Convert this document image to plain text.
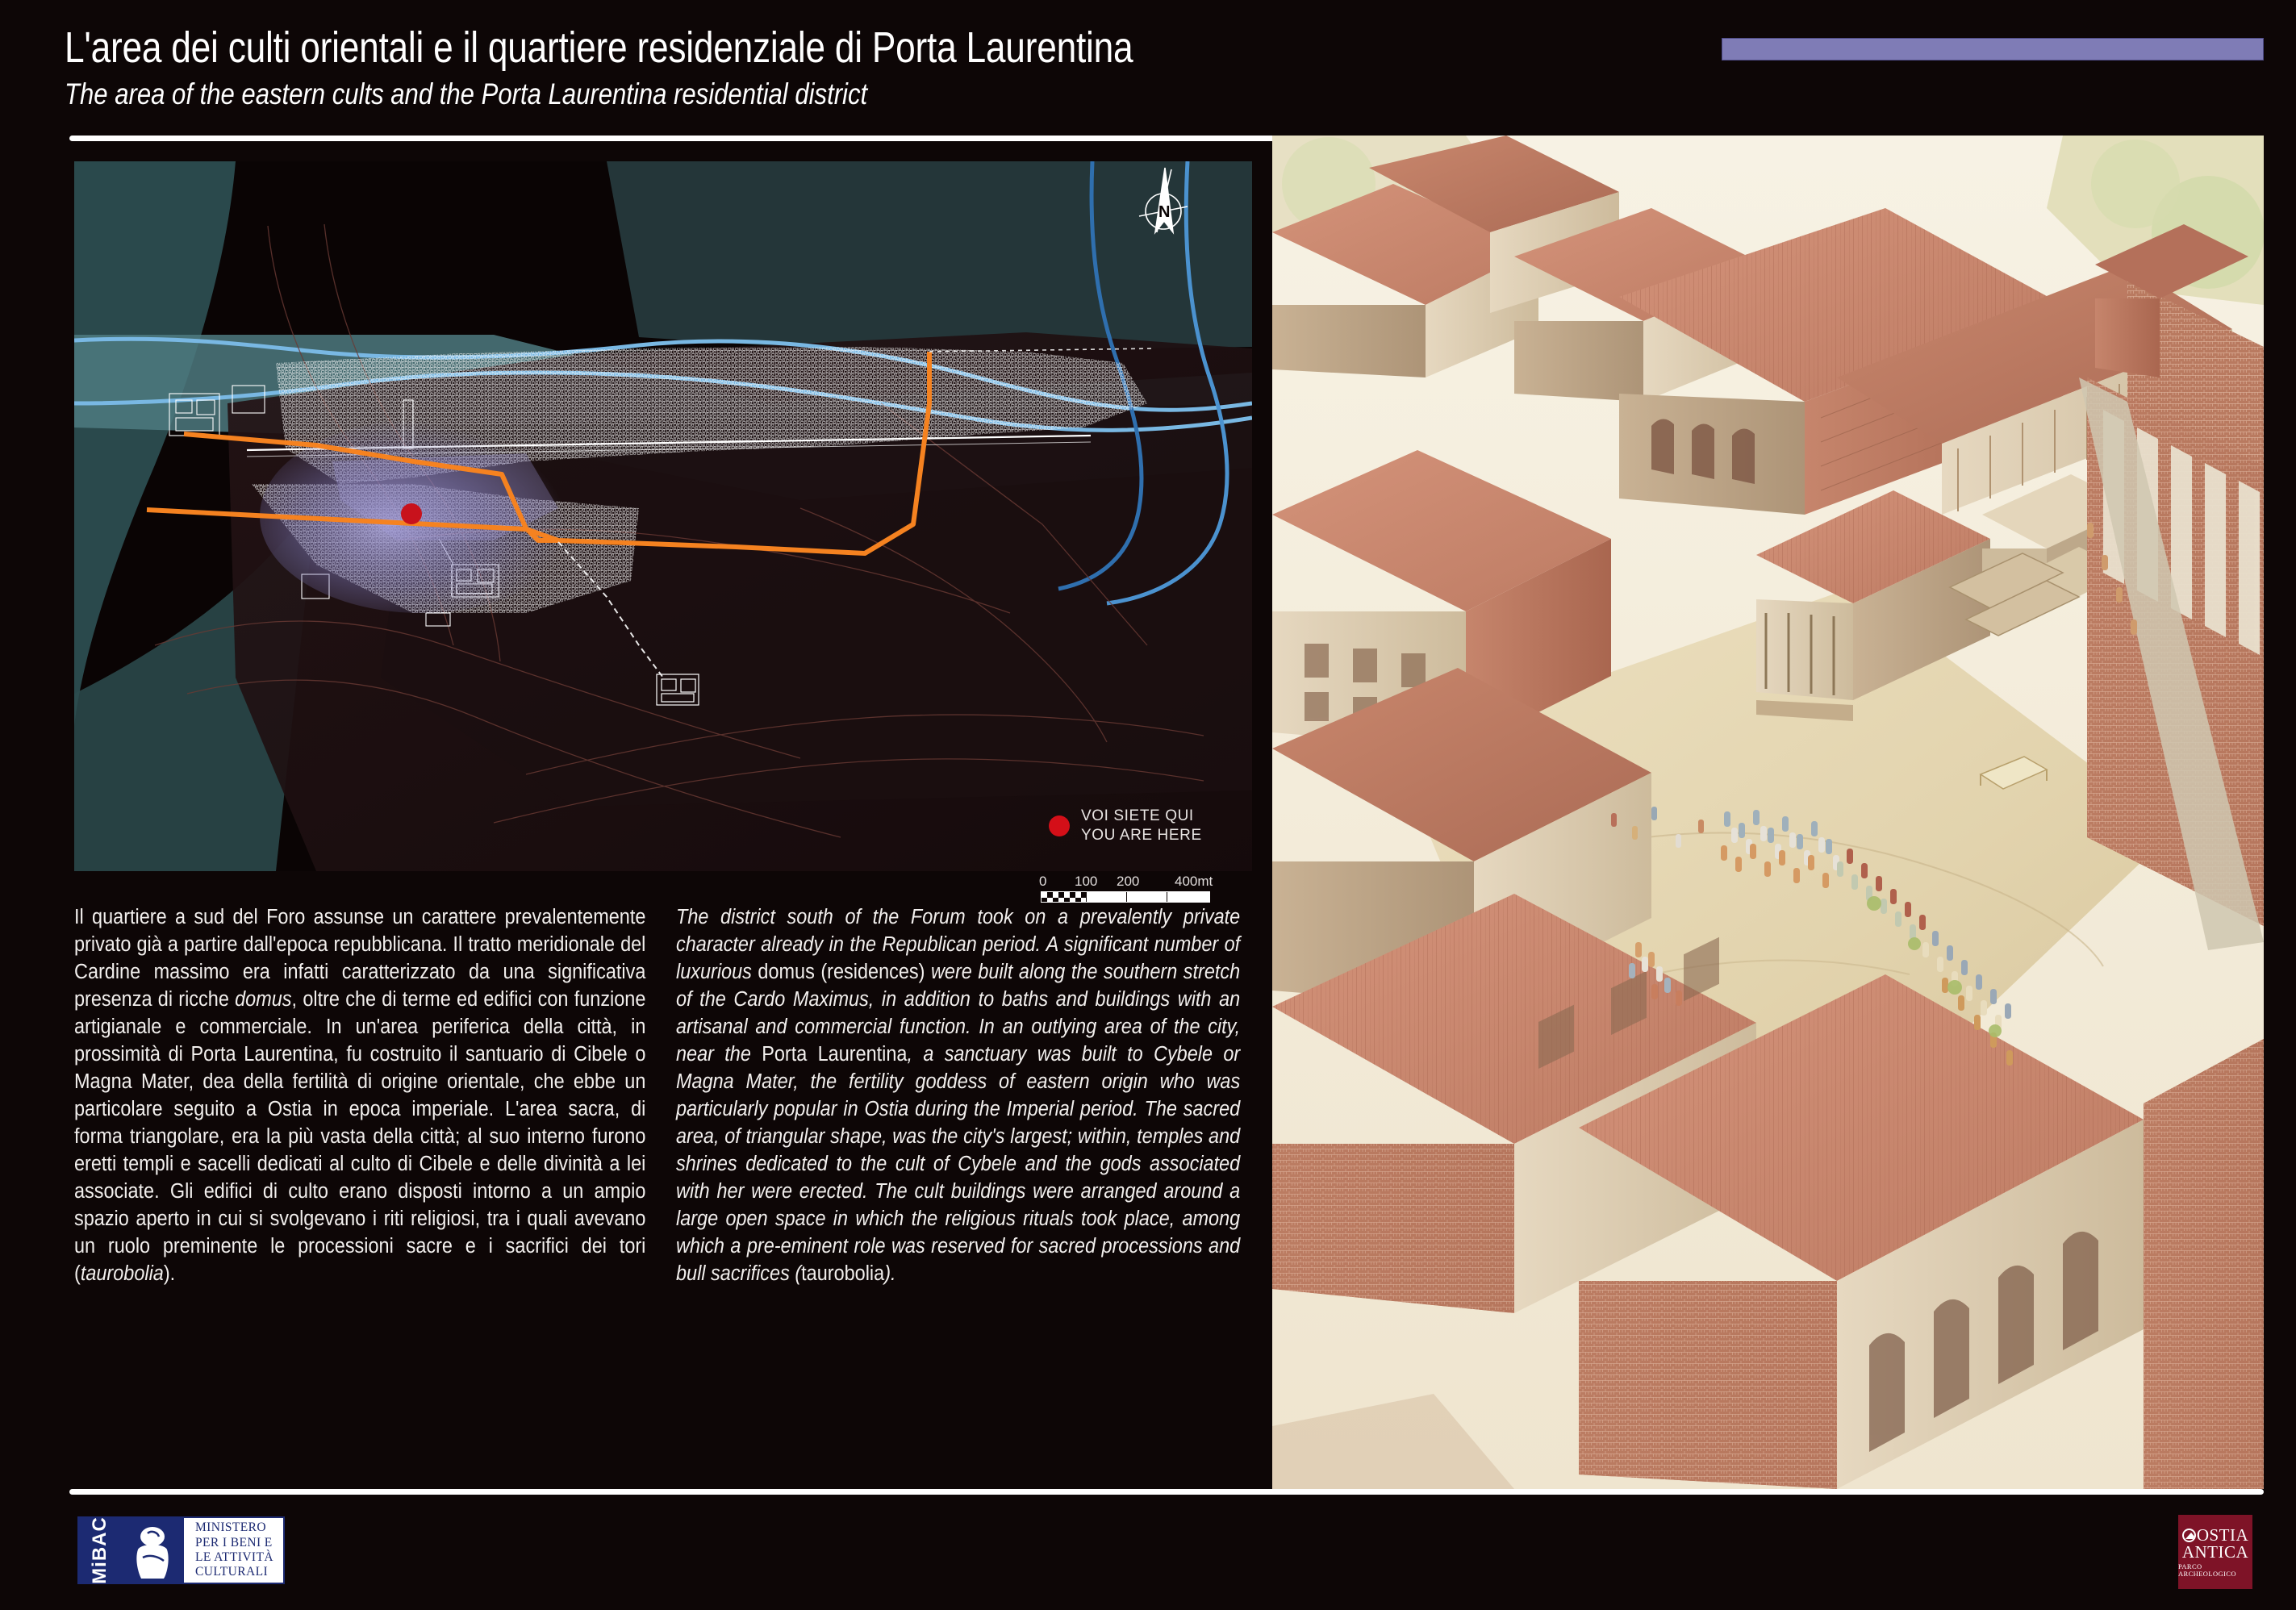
L'area dei culti orientali e il quartiere residenziale di Porta Laurentina
The area of the eastern cults and the Porta Laurentina residential district
N
VOI SIETE QUI
YOU ARE HERE
0 100 200	400mt
Il quartiere a sud del Foro assunse un carattere prevalentemente privato già a partire dall'epoca repubblicana. Il tratto meridionale del Cardine massimo era infatti caratterizzato da una significativa presenza di ricche domus, oltre che di terme ed edifici con funzione artigianale e commerciale. In un'area periferica della città, in prossimità di Porta Laurentina, fu costruito il santuario di Cibele o Magna Mater, dea della fertilità di origine orientale, che ebbe un particolare seguito a Ostia in epoca imperiale. L'area sacra, di forma triangolare, era la più vasta della città; al suo interno furono eretti templi e sacelli dedicati al culto di Cibele e delle divinità a lei associate. Gli edifici di culto erano disposti intorno a un ampio spazio aperto in cui si svolgevano i riti religiosi, tra i quali avevano un ruolo preminente le processioni sacre e i sacrifici dei tori (taurobolia).
The district south of the Forum took on a prevalently private character already in the Republican period. A significant number of luxurious domus (residences) were built along the southern stretch of the Cardo Maximus, in addition to baths and buildings with an artisanal and commercial function. In an outlying area of the city, near the Porta Laurentina, a sanctuary was built to Cybele or Magna Mater, the fertility goddess of eastern origin who was particularly popular in Ostia during the Imperial period. The sacred area, of triangular shape, was the city's largest; within, temples and shrines dedicated to the cult of Cybele and the gods associated with her were erected. The cult buildings were arranged around a large open space in which the religious rituals took place, among which a pre-eminent role was reserved for sacred processions and bull sacrifices (taurobolia).
MiBAC	MINISTERO
PER I BENI E
LE ATTIVITÀ
CULTURALI
OSTIA
ANTICA
PARCO ARCHEOLOGICO
